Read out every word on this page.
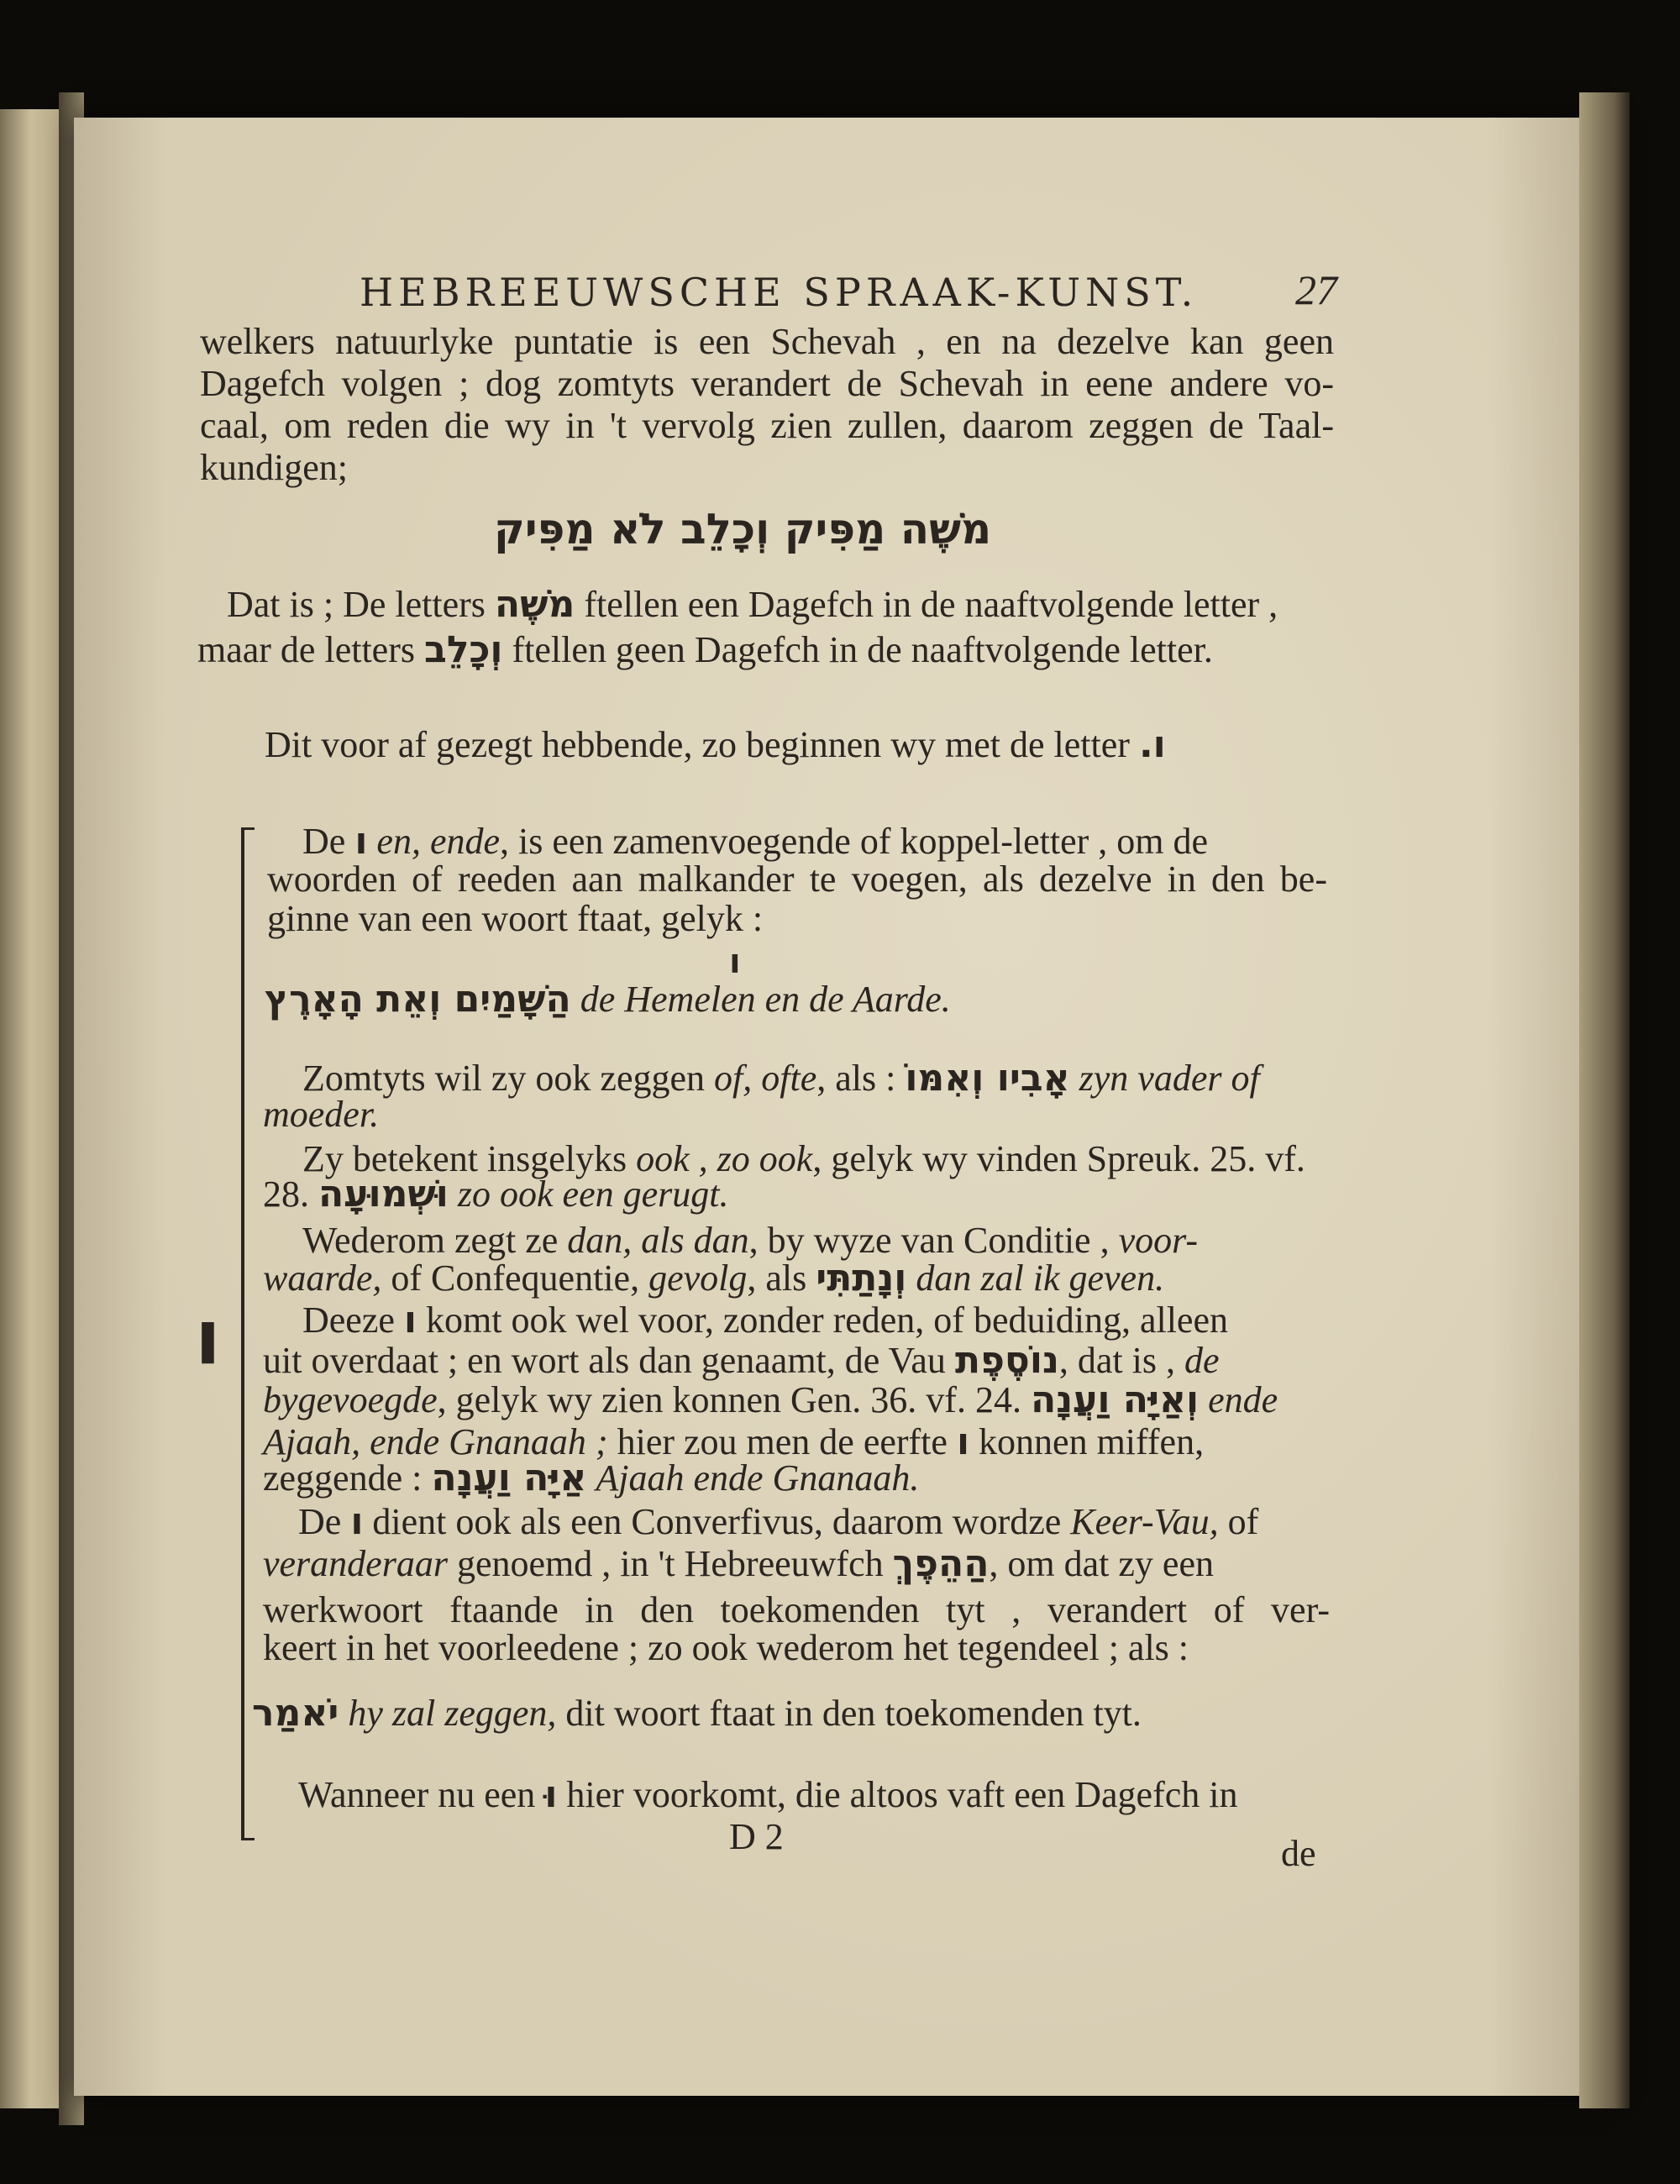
HEBREEUWSCHE SPRAAK-KUNST. 27
welkers natuurlyke puntatie is een Schevah , en na dezelve kan geen
Dagefch volgen ; dog zomtyts verandert de Schevah in eene andere vo-
caal, om reden die wy in 't vervolg zien zullen, daarom zeggen de Taal-
kundigen;
מֹשֶׁה מַפִּיק וְכָלֵב לֹא מַפִּיק
Dat is ; De letters מֹשֶׁה ftellen een Dagefch in de naaftvolgende letter ,
maar de letters וְכָלֵב ftellen geen Dagefch in de naaftvolgende letter.
Dit voor af gezegt hebbende, zo beginnen wy met de letter ו.
ו
De ו en, ende, is een zamenvoegende of koppel-letter , om de
woorden of reeden aan malkander te voegen, als dezelve in den be-
ginne van een woort ftaat, gelyk :
ו
הַשָּׁמַיִם וְאֵת הָאָרֶץ de Hemelen en de Aarde.
Zomtyts wil zy ook zeggen of, ofte, als : אָבִיו וְאִמּוֹ zyn vader of
moeder.
Zy betekent insgelyks ook , zo ook, gelyk wy vinden Spreuk. 25. vf.
28. וּשְׁמוּעָה zo ook een gerugt.
Wederom zegt ze dan, als dan, by wyze van Conditie , voor-
waarde, of Confequentie, gevolg, als וְנָתַתִּי dan zal ik geven.
Deeze ו komt ook wel voor, zonder reden, of beduiding, alleen
uit overdaat ; en wort als dan genaamt, de Vau נוֹסֶפֶת, dat is , de
bygevoegde, gelyk wy zien konnen Gen. 36. vf. 24. וְאַיָּה וַעֲנָה ende
Ajaah, ende Gnanaah ; hier zou men de eerfte ו konnen miffen,
zeggende : אַיָּה וַעֲנָה Ajaah ende Gnanaah.
De ו dient ook als een Converfivus, daarom wordze Keer-Vau, of
veranderaar genoemd , in 't Hebreeuwfch הַהֵפֶךְ, om dat zy een
werkwoort ftaande in den toekomenden tyt , verandert of ver-
keert in het voorleedene ; zo ook wederom het tegendeel ; als :
יֹאמַר hy zal zeggen, dit woort ftaat in den toekomenden tyt.
Wanneer nu een וּ hier voorkomt, die altoos vaft een Dagefch in
D 2	de
